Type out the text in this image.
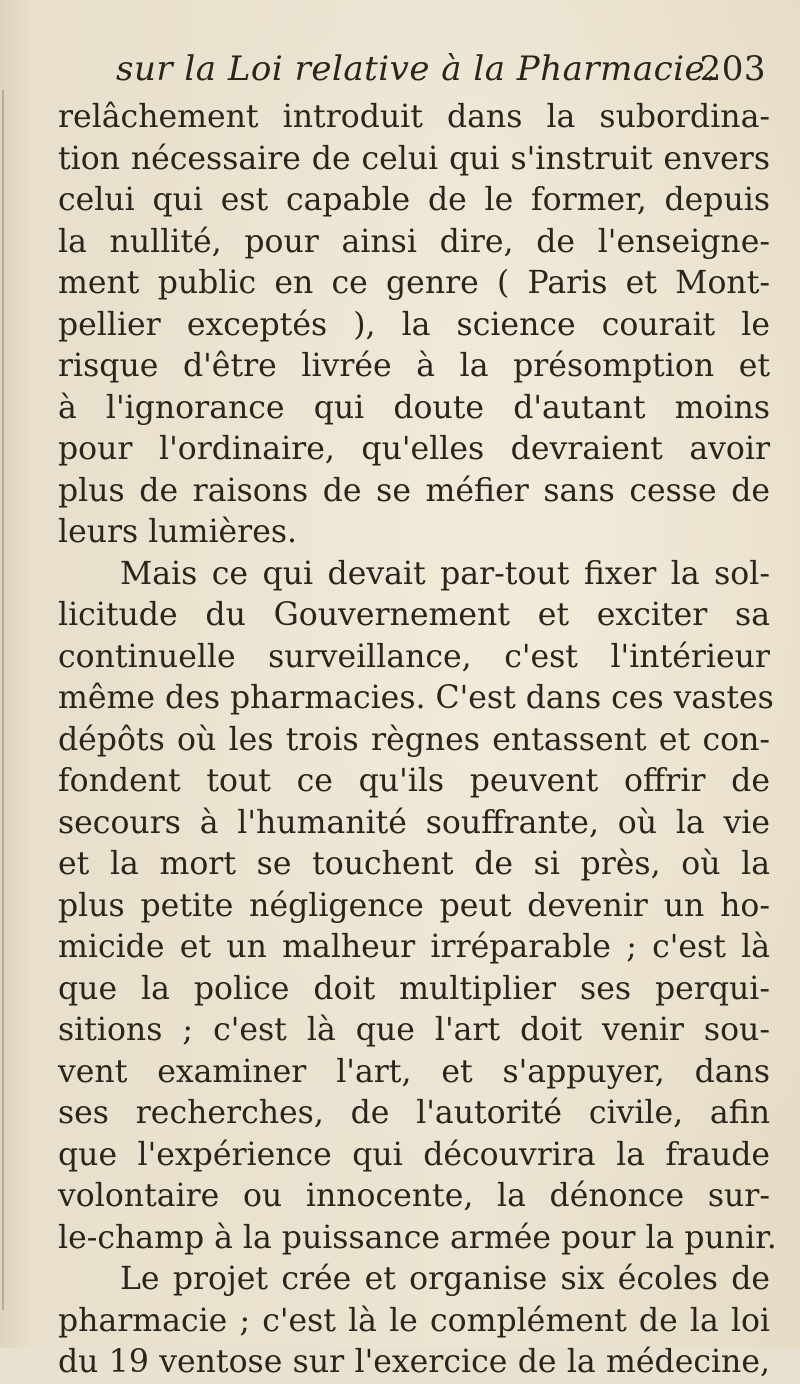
sur la Loi relative à la Pharmacie.
203
relâchement introduit dans la subordina-
tion nécessaire de celui qui s'instruit envers
celui qui est capable de le former, depuis
la nullité, pour ainsi dire, de l'enseigne-
ment public en ce genre ( Paris et Mont-
pellier exceptés ), la science courait le
risque d'être livrée à la présomption et
à l'ignorance qui doute d'autant moins
pour l'ordinaire, qu'elles devraient avoir
plus de raisons de se méfier sans cesse de
leurs lumières.
Mais ce qui devait par-tout fixer la sol-
licitude du Gouvernement et exciter sa
continuelle surveillance, c'est l'intérieur
même des pharmacies. C'est dans ces vastes
dépôts où les trois règnes entassent et con-
fondent tout ce qu'ils peuvent offrir de
secours à l'humanité souffrante, où la vie
et la mort se touchent de si près, où la
plus petite négligence peut devenir un ho-
micide et un malheur irréparable ; c'est là
que la police doit multiplier ses perqui-
sitions ; c'est là que l'art doit venir sou-
vent examiner l'art, et s'appuyer, dans
ses recherches, de l'autorité civile, afin
que l'expérience qui découvrira la fraude
volontaire ou innocente, la dénonce sur-
le-champ à la puissance armée pour la punir.
Le projet crée et organise six écoles de
pharmacie ; c'est là le complément de la loi
du 19 ventose sur l'exercice de la médecine,
